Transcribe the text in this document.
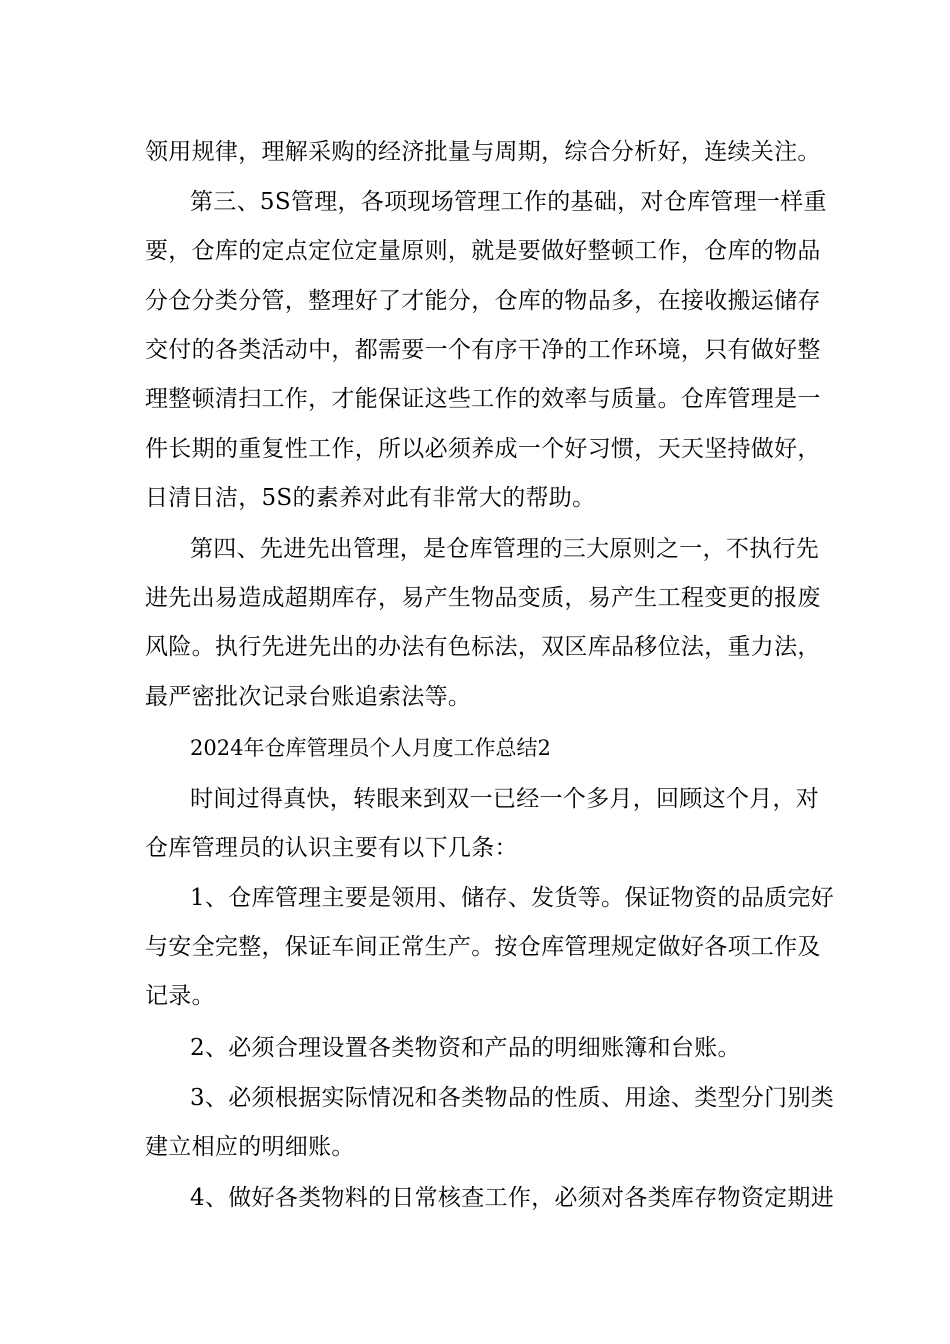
领用规律，理解采购的经济批量与周期，综合分析好，连续关注。
第三、5S管理，各项现场管理工作的基础，对仓库管理一样重
要，仓库的定点定位定量原则，就是要做好整顿工作，仓库的物品
分仓分类分管，整理好了才能分，仓库的物品多，在接收搬运储存
交付的各类活动中，都需要一个有序干净的工作环境，只有做好整
理整顿清扫工作，才能保证这些工作的效率与质量。仓库管理是一
件长期的重复性工作，所以必须养成一个好习惯，天天坚持做好，
日清日洁，5S的素养对此有非常大的帮助。
第四、先进先出管理，是仓库管理的三大原则之一，不执行先
进先出易造成超期库存，易产生物品变质，易产生工程变更的报废
风险。执行先进先出的办法有色标法，双区库品移位法，重力法，
最严密批次记录台账追索法等。
2024年仓库管理员个人月度工作总结2
时间过得真快，转眼来到双一已经一个多月，回顾这个月，对
仓库管理员的认识主要有以下几条：
1、仓库管理主要是领用、储存、发货等。保证物资的品质完好
与安全完整，保证车间正常生产。按仓库管理规定做好各项工作及
记录。
2、必须合理设置各类物资和产品的明细账簿和台账。
3、必须根据实际情况和各类物品的性质、用途、类型分门别类
建立相应的明细账。
4、做好各类物料的日常核查工作，必须对各类库存物资定期进
